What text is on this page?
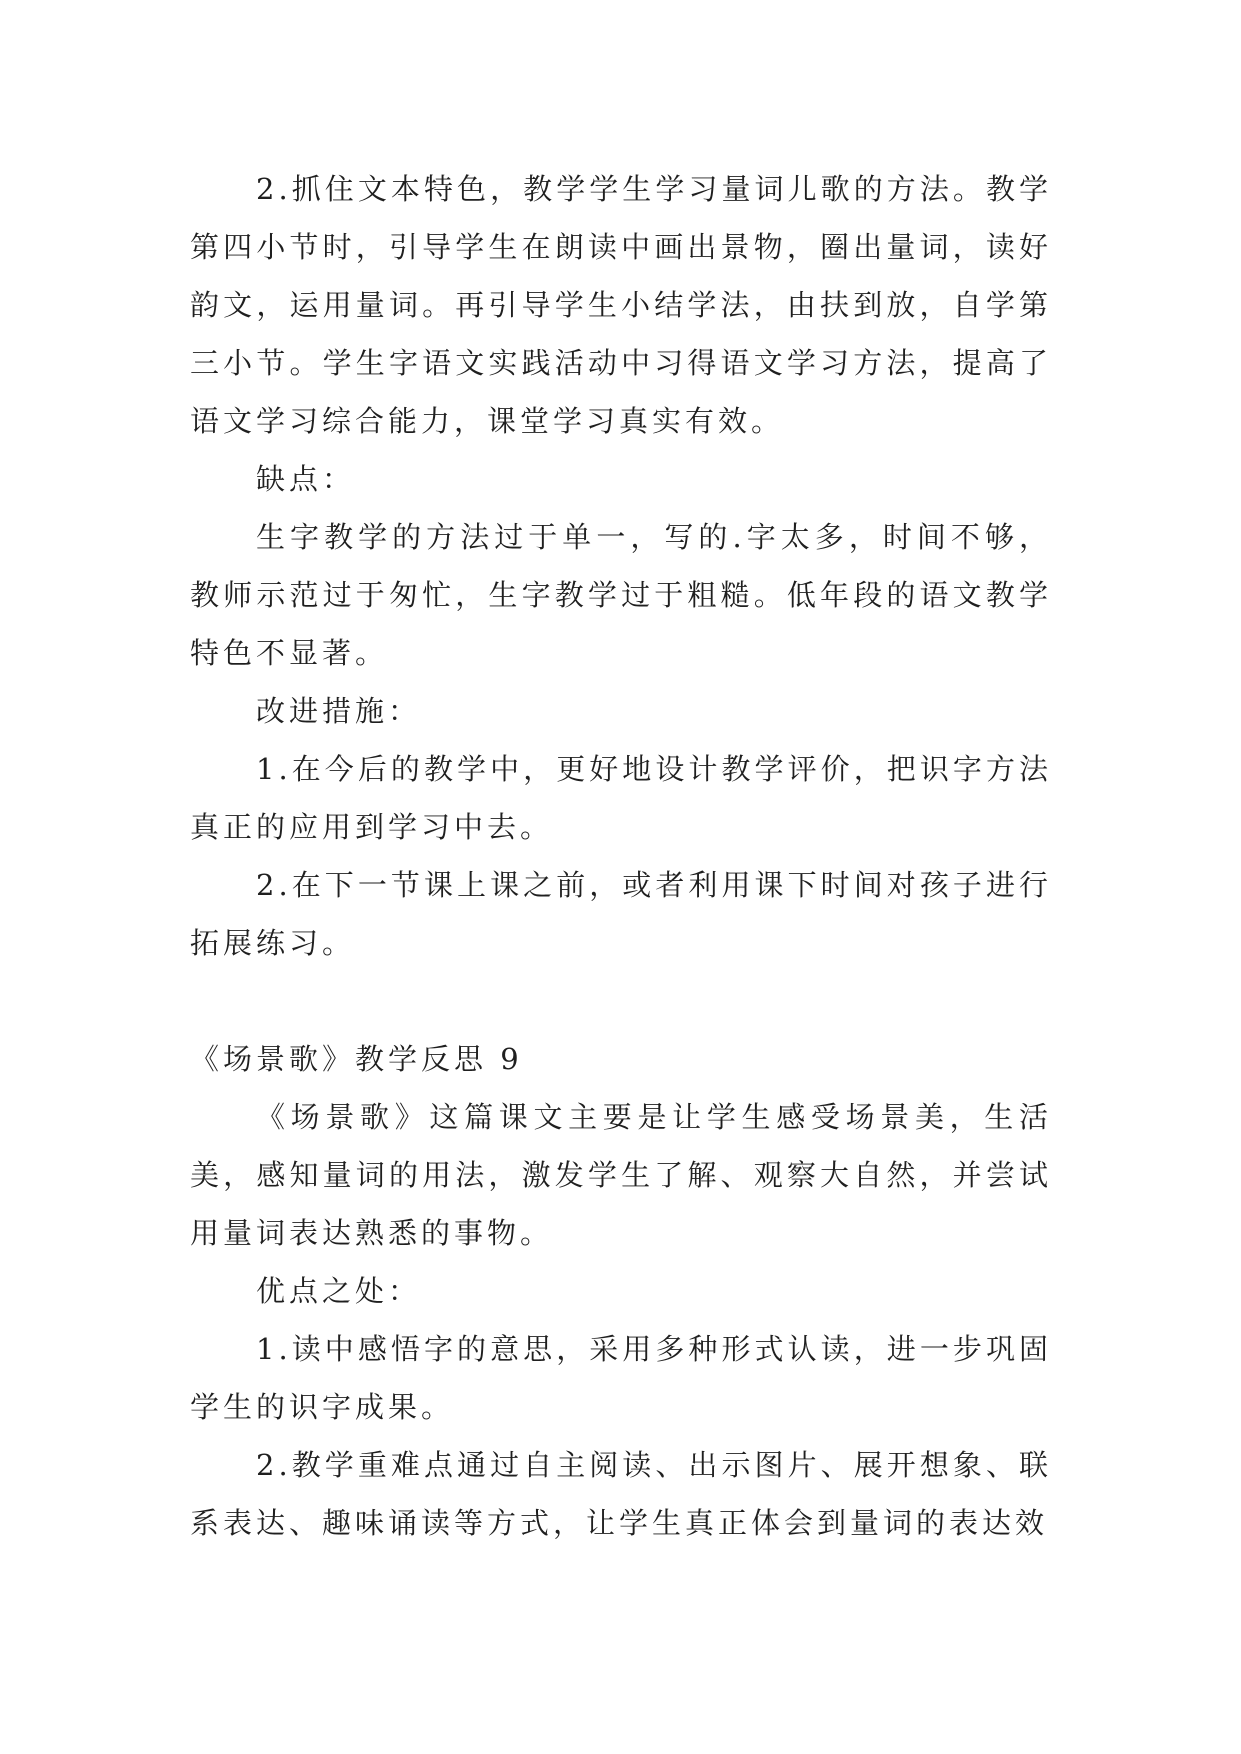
2.抓住文本特色，教学学生学习量词儿歌的方法。教学第四小节时，引导学生在朗读中画出景物，圈出量词，读好韵文，运用量词。再引导学生小结学法，由扶到放，自学第三小节。学生字语文实践活动中习得语文学习方法，提高了语文学习综合能力，课堂学习真实有效。

缺点：

生字教学的方法过于单一，写的.字太多，时间不够，教师示范过于匆忙，生字教学过于粗糙。低年段的语文教学特色不显著。

改进措施：

1.在今后的教学中，更好地设计教学评价，把识字方法真正的应用到学习中去。

2.在下一节课上课之前，或者利用课下时间对孩子进行拓展练习。

《场景歌》教学反思 9

《场景歌》这篇课文主要是让学生感受场景美，生活美，感知量词的用法，激发学生了解、观察大自然，并尝试用量词表达熟悉的事物。

优点之处：

1.读中感悟字的意思，采用多种形式认读，进一步巩固学生的识字成果。

2.教学重难点通过自主阅读、出示图片、展开想象、联系表达、趣味诵读等方式，让学生真正体会到量词的表达效
